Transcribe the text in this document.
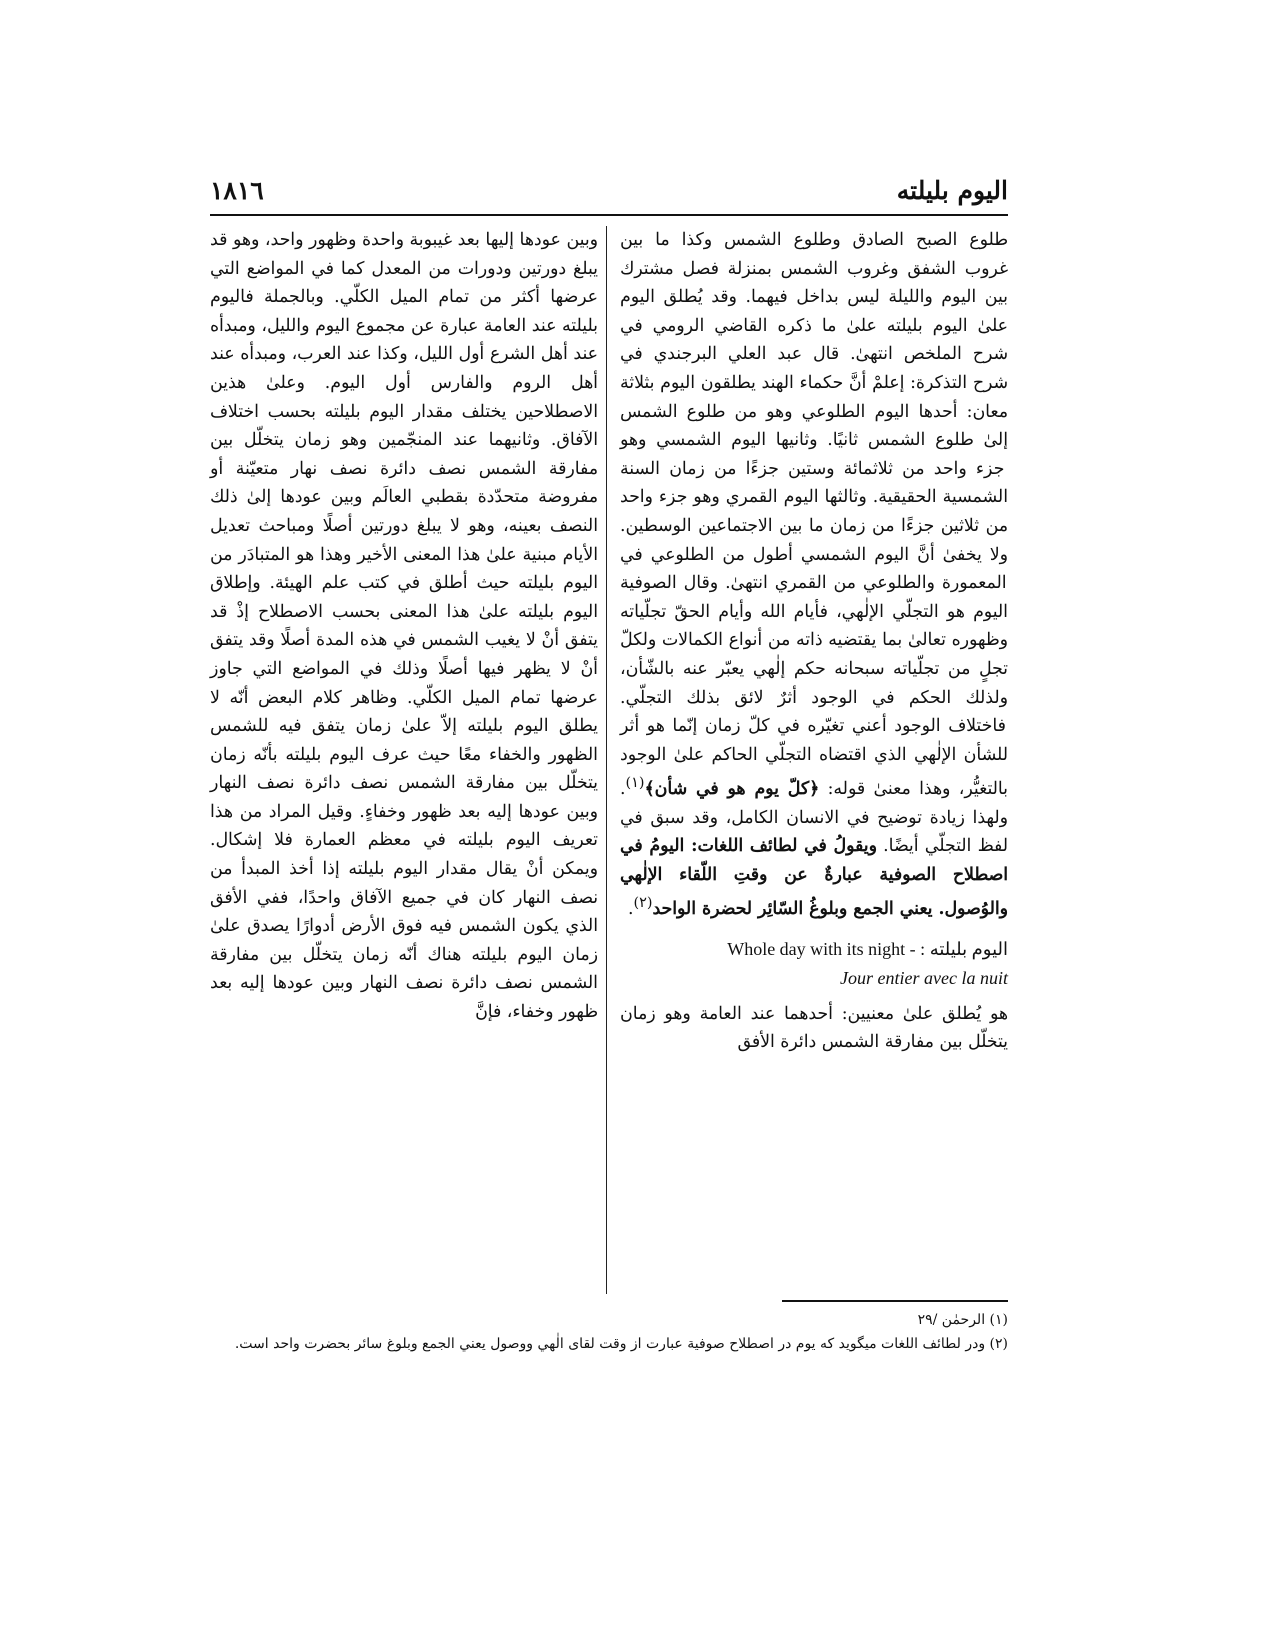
اليوم بليلته
١٨١٦

طلوع الصبح الصادق وطلوع الشمس وكذا ما بين غروب الشفق وغروب الشمس بمنزلة فصل مشترك بين اليوم والليلة ليس بداخل فيهما. وقد يُطلق اليوم علىٰ اليوم بليلته علىٰ ما ذكره القاضي الرومي في شرح الملخص انتهىٰ. قال عبد العلي البرجندي في شرح التذكرة: إعلمْ أنَّ حكماء الهند يطلقون اليوم بثلاثة معان: أحدها اليوم الطلوعي وهو من طلوع الشمس إلىٰ طلوع الشمس ثانيًا. وثانيها اليوم الشمسي وهو جزء واحد من ثلاثمائة وستين جزءًا من زمان السنة الشمسية الحقيقية. وثالثها اليوم القمري وهو جزء واحد من ثلاثين جزءًا من زمان ما بين الاجتماعين الوسطين. ولا يخفىٰ أنَّ اليوم الشمسي أطول من الطلوعي في المعمورة والطلوعي من القمري انتهىٰ. وقال الصوفية اليوم هو التجلّي الإلٰهي، فأيام الله وأيام الحقّ تجلّياته وظهوره تعالىٰ بما يقتضيه ذاته من أنواع الكمالات ولكلّ تجلٍ من تجلّياته سبحانه حكم إلٰهي يعبّر عنه بالشّأن، ولذلك الحكم في الوجود أثرٌ لائق بذلك التجلّي. فاختلاف الوجود أعني تغيّره في كلّ زمان إنّما هو أثر للشأن الإلٰهي الذي اقتضاه التجلّي الحاكم علىٰ الوجود بالتغيُّر، وهذا معنىٰ قوله: ﴿كلّ يوم هو في شأن﴾$^{(١)}$. ولهذا زيادة توضيح في الانسان الكامل، وقد سبق في لفظ التجلّي أيضًا. ويقولُ في لطائف اللغات: اليومُ في اصطلاح الصوفية عبارةٌ عن وقتِ اللّقاء الإلٰهي والوُصول. يعني الجمع وبلوغُ السّائِر لحضرة الواحد$^{(٢)}$.

Whole day with its night - : اليوم بليلته
Jour entier avec la nuit

هو يُطلق علىٰ معنيين: أحدهما عند العامة وهو زمان يتخلّل بين مفارقة الشمس دائرة الأفق

وبين عودها إليها بعد غيبوبة واحدة وظهور واحد، وهو قد يبلغ دورتين ودورات من المعدل كما في المواضع التي عرضها أكثر من تمام الميل الكلّي. وبالجملة فاليوم بليلته عند العامة عبارة عن مجموع اليوم والليل، ومبدأه عند أهل الشرع أول الليل، وكذا عند العرب، ومبدأه عند أهل الروم والفارس أول اليوم. وعلىٰ هذين الاصطلاحين يختلف مقدار اليوم بليلته بحسب اختلاف الآفاق. وثانيهما عند المنجّمين وهو زمان يتخلّل بين مفارقة الشمس نصف دائرة نصف نهار متعيّنة أو مفروضة متحدّدة بقطبي العالَم وبين عودها إلىٰ ذلك النصف بعينه، وهو لا يبلغ دورتين أصلًا ومباحث تعديل الأيام مبنية علىٰ هذا المعنى الأخير وهذا هو المتبادَر من اليوم بليلته حيث أطلق في كتب علم الهيئة. وإطلاق اليوم بليلته علىٰ هذا المعنى بحسب الاصطلاح إذْ قد يتفق أنْ لا يغيب الشمس في هذه المدة أصلًا وقد يتفق أنْ لا يظهر فيها أصلًا وذلك في المواضع التي جاوز عرضها تمام الميل الكلّي. وظاهر كلام البعض أنّه لا يطلق اليوم بليلته إلاّ علىٰ زمان يتفق فيه للشمس الظهور والخفاء معًا حيث عرف اليوم بليلته بأنّه زمان يتخلّل بين مفارقة الشمس نصف دائرة نصف النهار وبين عودها إليه بعد ظهور وخفاءٍ. وقيل المراد من هذا تعريف اليوم بليلته في معظم العمارة فلا إشكال. ويمكن أنْ يقال مقدار اليوم بليلته إذا أخذ المبدأ من نصف النهار كان في جميع الآفاق واحدًا، ففي الأفق الذي يكون الشمس فيه فوق الأرض أدوارًا يصدق علىٰ زمان اليوم بليلته هناك أنّه زمان يتخلّل بين مفارقة الشمس نصف دائرة نصف النهار وبين عودها إليه بعد ظهور وخفاء، فإنَّ

(١) الرحمٰن /٢٩

(٢) ودر لطائف اللغات ميگويد كه يوم در اصطلاح صوفية عبارت از وقت لقاى الٰهي ووصول يعني الجمع وبلوغ سائر بحضرت واحد است.
